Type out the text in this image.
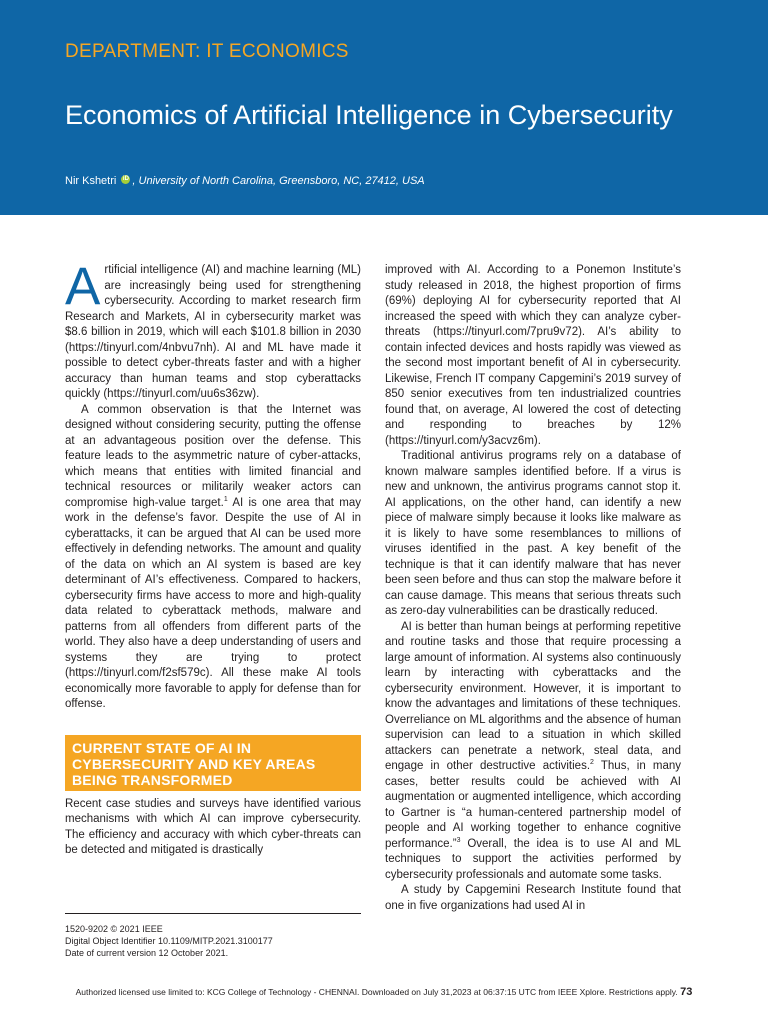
DEPARTMENT: IT ECONOMICS
Economics of Artificial Intelligence in Cybersecurity
Nir Kshetri iD , University of North Carolina, Greensboro, NC, 27412, USA

Artificial intelligence (AI) and machine learning (ML) are increasingly being used for strengthening cybersecurity. According to market research firm Research and Markets, AI in cybersecurity market was $8.6 billion in 2019, which will each $101.8 billion in 2030 (https://tinyurl.com/4nbvu7nh). AI and ML have made it possible to detect cyber-threats faster and with a higher accuracy than human teams and stop cyberattacks quickly (https://tinyurl.com/uu6s36zw).

A common observation is that the Internet was designed without considering security, putting the offense at an advantageous position over the defense. This feature leads to the asymmetric nature of cyber-attacks, which means that entities with limited financial and technical resources or militarily weaker actors can compromise high-value target.$^1$ AI is one area that may work in the defense’s favor. Despite the use of AI in cyberattacks, it can be argued that AI can be used more effectively in defending networks. The amount and quality of the data on which an AI system is based are key determinant of AI’s effectiveness. Compared to hackers, cybersecurity firms have access to more and high-quality data related to cyberattack methods, malware and patterns from all offenders from different parts of the world. They also have a deep understanding of users and systems they are trying to protect (https://tinyurl.com/f2sf579c). All these make AI tools economically more favorable to apply for defense than for offense.

CURRENT STATE OF AI IN CYBERSECURITY AND KEY AREAS BEING TRANSFORMED

Recent case studies and surveys have identified various mechanisms with which AI can improve cybersecurity. The efficiency and accuracy with which cyber-threats can be detected and mitigated is drastically

improved with AI. According to a Ponemon Institute’s study released in 2018, the highest proportion of firms (69%) deploying AI for cybersecurity reported that AI increased the speed with which they can analyze cyber-threats (https://tinyurl.com/7pru9v72). AI’s ability to contain infected devices and hosts rapidly was viewed as the second most important benefit of AI in cybersecurity. Likewise, French IT company Capgemini’s 2019 survey of 850 senior executives from ten industrialized countries found that, on average, AI lowered the cost of detecting and responding to breaches by 12% (https://tinyurl.com/y3acvz6m).

Traditional antivirus programs rely on a database of known malware samples identified before. If a virus is new and unknown, the antivirus programs cannot stop it. AI applications, on the other hand, can identify a new piece of malware simply because it looks like malware as it is likely to have some resemblances to millions of viruses identified in the past. A key benefit of the technique is that it can identify malware that has never been seen before and thus can stop the malware before it can cause damage. This means that serious threats such as zero-day vulnerabilities can be drastically reduced.

AI is better than human beings at performing repetitive and routine tasks and those that require processing a large amount of information. AI systems also continuously learn by interacting with cyberattacks and the cybersecurity environment. However, it is important to know the advantages and limitations of these techniques. Overreliance on ML algorithms and the absence of human supervision can lead to a situation in which skilled attackers can penetrate a network, steal data, and engage in other destructive activities.$^2$ Thus, in many cases, better results could be achieved with AI augmentation or augmented intelligence, which according to Gartner is “a human-centered partnership model of people and AI working together to enhance cognitive performance.”$^3$ Overall, the idea is to use AI and ML techniques to support the activities performed by cybersecurity professionals and automate some tasks.

A study by Capgemini Research Institute found that one in five organizations had used AI in

1520-9202 © 2021 IEEE
Digital Object Identifier 10.1109/MITP.2021.3100177
Date of current version 12 October 2021.
Authorized licensed use limited to: KCG College of Technology - CHENNAI. Downloaded on July 31,2023 at 06:37:15 UTC from IEEE Xplore. Restrictions apply. 73
